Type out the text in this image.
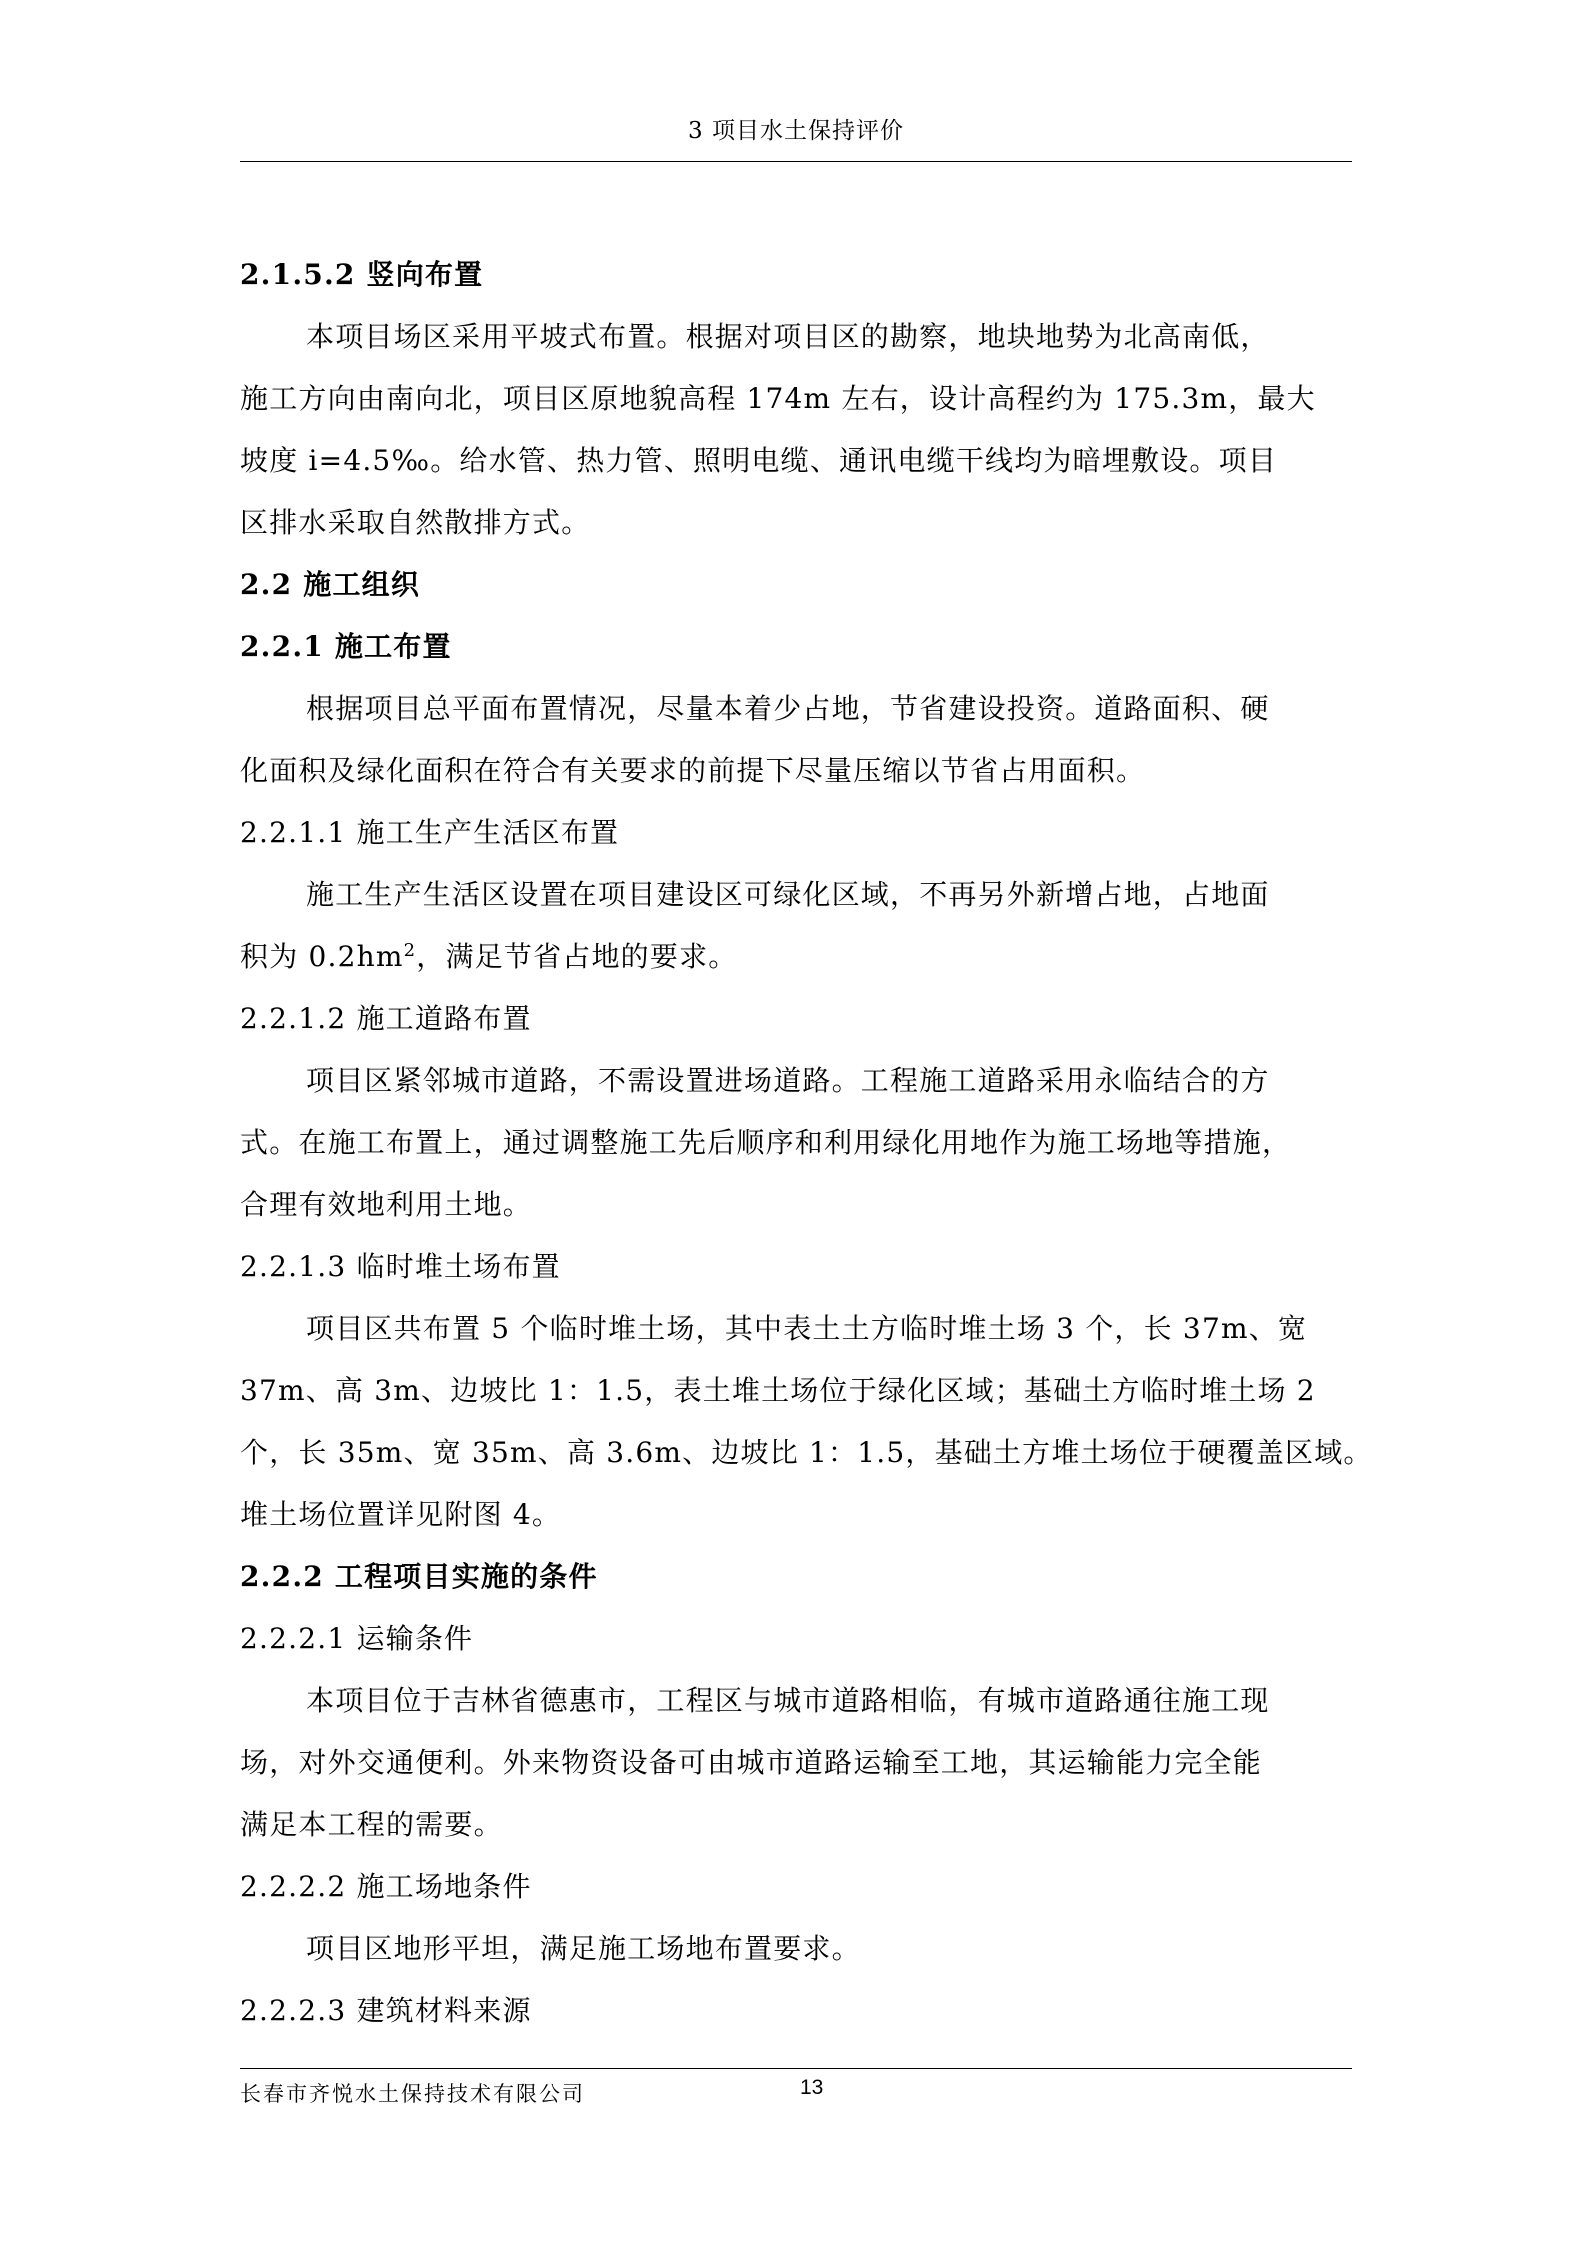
3 项目水土保持评价
2.1.5.2 竖向布置
本项目场区采用平坡式布置。根据对项目区的勘察，地块地势为北高南低，
施工方向由南向北，项目区原地貌高程 174m 左右，设计高程约为 175.3m，最大
坡度 i=4.5‰。给水管、热力管、照明电缆、通讯电缆干线均为暗埋敷设。项目
区排水采取自然散排方式。
2.2 施工组织
2.2.1 施工布置
根据项目总平面布置情况，尽量本着少占地，节省建设投资。道路面积、硬
化面积及绿化面积在符合有关要求的前提下尽量压缩以节省占用面积。
2.2.1.1 施工生产生活区布置
施工生产生活区设置在项目建设区可绿化区域，不再另外新增占地，占地面
积为 $0.2hm^2$，满足节省占地的要求。
2.2.1.2 施工道路布置
项目区紧邻城市道路，不需设置进场道路。工程施工道路采用永临结合的方
式。在施工布置上，通过调整施工先后顺序和利用绿化用地作为施工场地等措施，
合理有效地利用土地。
2.2.1.3 临时堆土场布置
项目区共布置 5 个临时堆土场，其中表土土方临时堆土场 3 个，长 37m、宽
37m、高 3m、边坡比 1：1.5，表土堆土场位于绿化区域；基础土方临时堆土场 2
个，长 35m、宽 35m、高 3.6m、边坡比 1：1.5，基础土方堆土场位于硬覆盖区域。
堆土场位置详见附图 4。
2.2.2 工程项目实施的条件
2.2.2.1 运输条件
本项目位于吉林省德惠市，工程区与城市道路相临，有城市道路通往施工现
场，对外交通便利。外来物资设备可由城市道路运输至工地，其运输能力完全能
满足本工程的需要。
2.2.2.2 施工场地条件
项目区地形平坦，满足施工场地布置要求。
2.2.2.3 建筑材料来源
长春市齐悦水土保持技术有限公司	13
